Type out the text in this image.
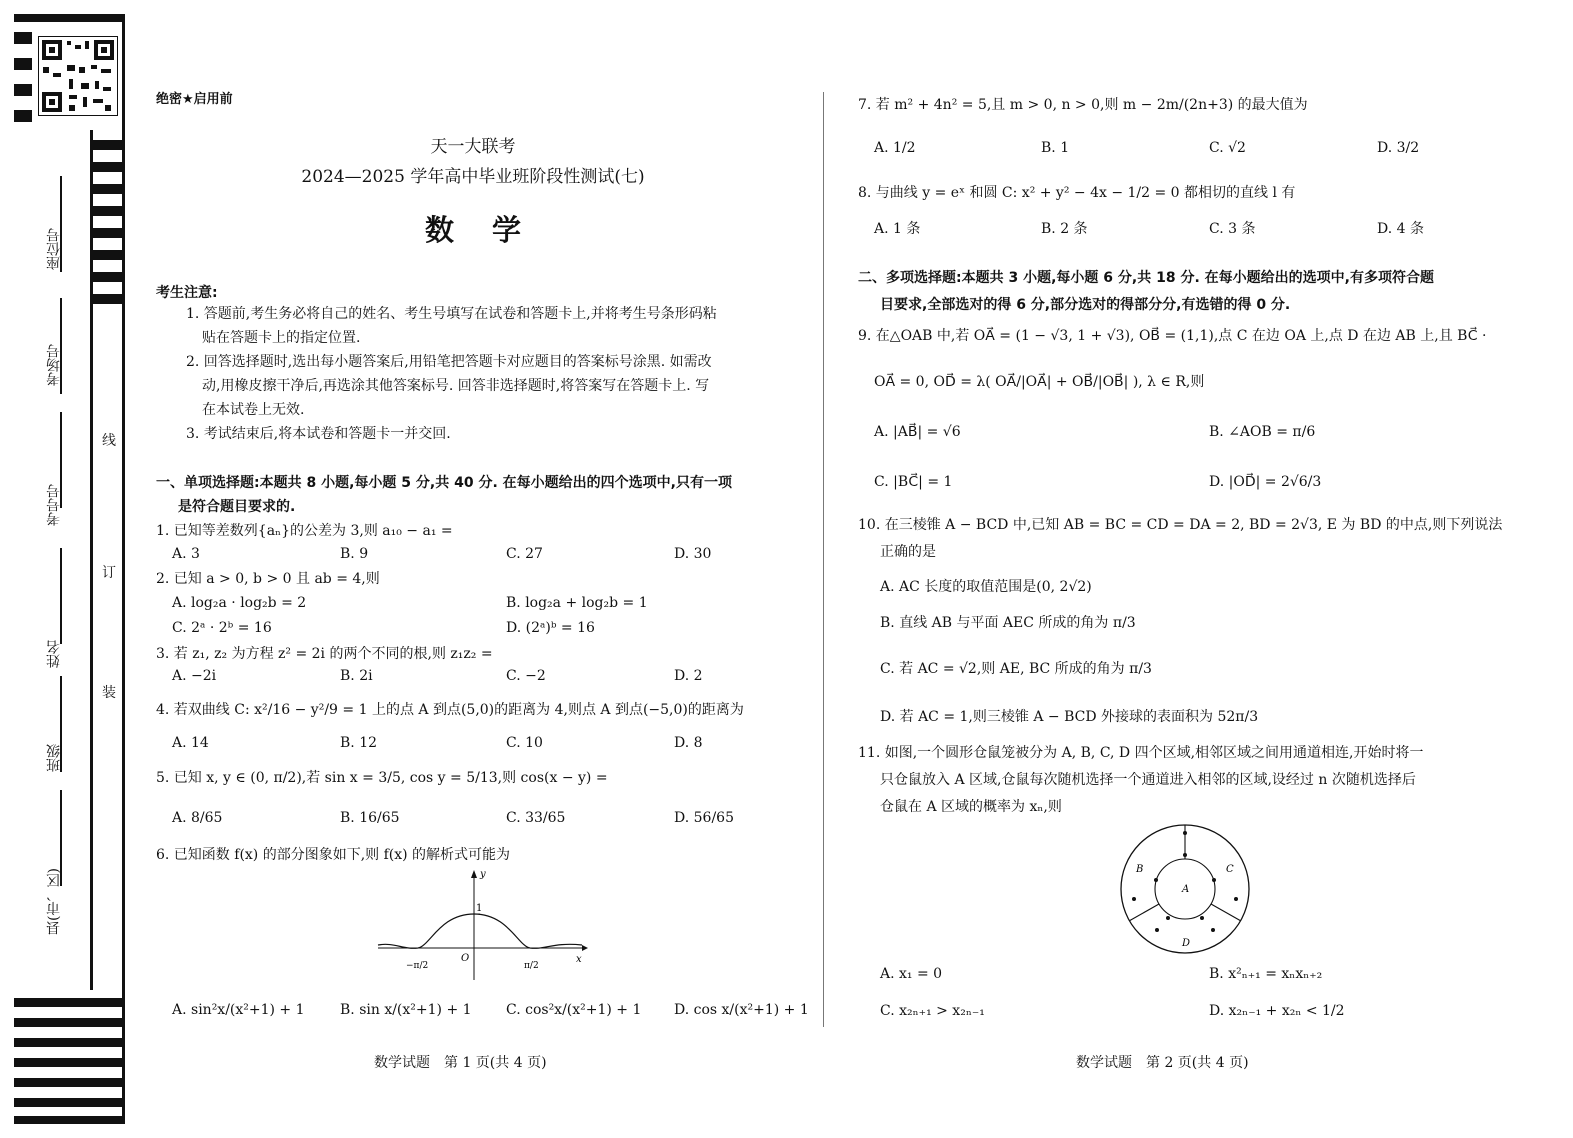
座位号
考场号
考号号
姓名
班级
县(市、区)
线
订
装
绝密★启用前
天一大联考
2024—2025 学年高中毕业班阶段性测试(七)
数学
考生注意:
1. 答题前,考生务必将自己的姓名、考生号填写在试卷和答题卡上,并将考生号条形码粘
贴在答题卡上的指定位置.
2. 回答选择题时,选出每小题答案后,用铅笔把答题卡对应题目的答案标号涂黑. 如需改
动,用橡皮擦干净后,再选涂其他答案标号. 回答非选择题时,将答案写在答题卡上. 写
在本试卷上无效.
3. 考试结束后,将本试卷和答题卡一并交回.
一、单项选择题:本题共 8 小题,每小题 5 分,共 40 分. 在每小题给出的四个选项中,只有一项
是符合题目要求的.
1. 已知等差数列{aₙ}的公差为 3,则 a₁₀ − a₁ =
A. 3	B. 9	C. 27	D. 30
2. 已知 a > 0, b > 0 且 ab = 4,则
A. log₂a · log₂b = 2	B. log₂a + log₂b = 1
C. 2ᵃ · 2ᵇ = 16	D. (2ᵃ)ᵇ = 16
3. 若 z₁, z₂ 为方程 z² = 2i 的两个不同的根,则 z₁z₂ =
A. −2i	B. 2i	C. −2	D. 2
4. 若双曲线 C: x²/16 − y²/9 = 1 上的点 A 到点(5,0)的距离为 4,则点 A 到点(−5,0)的距离为
A. 14	B. 12	C. 10	D. 8
5. 已知 x, y ∈ (0, π/2),若 sin x = 3/5, cos y = 5/13,则 cos(x − y) =
A. 8/65	B. 16/65	C. 33/65	D. 56/65
6. 已知函数 f(x) 的部分图象如下,则 f(x) 的解析式可能为
y
x
O
1
−π/2	π/2
A. sin²x/(x²+1) + 1	B. sin x/(x²+1) + 1 C. cos²x/(x²+1) + 1 D. cos x/(x²+1) + 1
数学试题　第 1 页(共 4 页)
7. 若 m² + 4n² = 5,且 m > 0, n > 0,则 m − 2m/(2n+3) 的最大值为
A. 1/2	B. 1	C. √2	D. 3/2
8. 与曲线 y = eˣ 和圆 C: x² + y² − 4x − 1/2 = 0 都相切的直线 l 有
A. 1 条	B. 2 条	C. 3 条	D. 4 条
二、多项选择题:本题共 3 小题,每小题 6 分,共 18 分. 在每小题给出的选项中,有多项符合题
目要求,全部选对的得 6 分,部分选对的得部分分,有选错的得 0 分.
9. 在△OAB 中,若 OA⃗ = (1 − √3, 1 + √3), OB⃗ = (1,1),点 C 在边 OA 上,点 D 在边 AB 上,且 BC⃗ ·
OA⃗ = 0, OD⃗ = λ( OA⃗/|OA⃗| + OB⃗/|OB⃗| ), λ ∈ R,则
A. |AB⃗| = √6	B. ∠AOB = π/6
C. |BC⃗| = 1	D. |OD⃗| = 2√6/3
10. 在三棱锥 A − BCD 中,已知 AB = BC = CD = DA = 2, BD = 2√3, E 为 BD 的中点,则下列说法
正确的是
A. AC 长度的取值范围是(0, 2√2)
B. 直线 AB 与平面 AEC 所成的角为 π/3
C. 若 AC = √2,则 AE, BC 所成的角为 π/3
D. 若 AC = 1,则三棱锥 A − BCD 外接球的表面积为 52π/3
11. 如图,一个圆形仓鼠笼被分为 A, B, C, D 四个区域,相邻区域之间用通道相连,开始时将一
只仓鼠放入 A 区域,仓鼠每次随机选择一个通道进入相邻的区域,设经过 n 次随机选择后
仓鼠在 A 区域的概率为 xₙ,则
A
B	C
D
A. x₁ = 0	B. x²ₙ₊₁ = xₙxₙ₊₂
C. x₂ₙ₊₁ > x₂ₙ₋₁	D. x₂ₙ₋₁ + x₂ₙ < 1/2
数学试题　第 2 页(共 4 页)
